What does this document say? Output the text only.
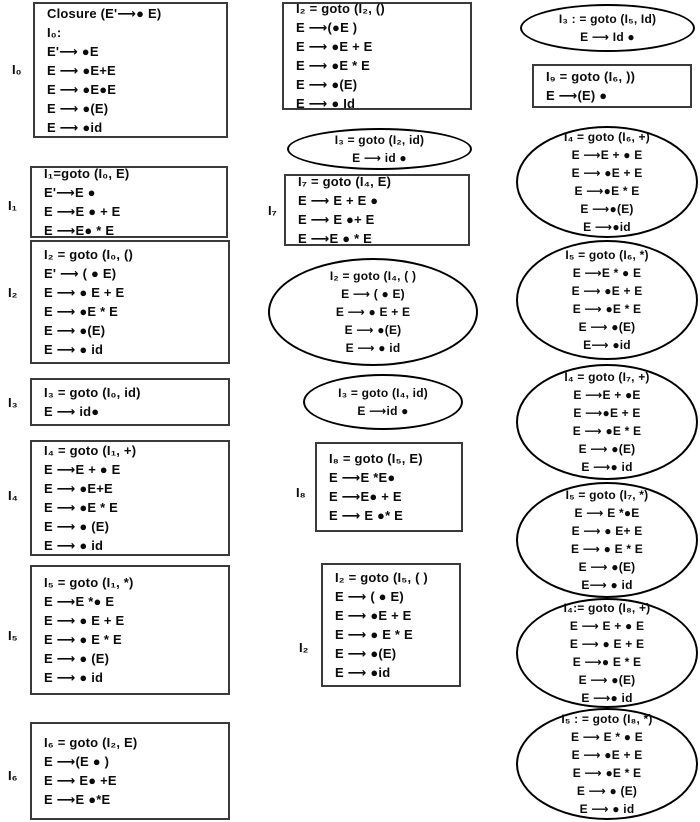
I₀
Closure (E'⟶● E)
I₀:
E'⟶ ●E
E ⟶ ●E+E
E ⟶ ●E●E
E ⟶ ●(E)
E ⟶ ●id
I₁
I₁=goto (I₀, E)
E'⟶E ●
E ⟶E ● + E
E ⟶E● * E
I₂
I₂ = goto (I₀, ()
E' ⟶ ( ● E)
E ⟶ ● E + E
E ⟶ ●E * E
E ⟶ ●(E)
E ⟶ ● id
I₃
I₃ = goto (I₀, id)
E ⟶ id●
I₄
I₄ = goto (I₁, +)
E ⟶E + ● E
E ⟶ ●E+E
E ⟶ ●E * E
E ⟶ ● (E)
E ⟶ ● id
I₅
I₅ = goto (I₁, *)
E ⟶E *● E
E ⟶ ● E + E
E ⟶ ● E * E
E ⟶ ● (E)
E ⟶ ● id
I₆
I₆ = goto (I₂, E)
E ⟶(E ● )
E ⟶ E● +E
E ⟶E ●*E
I₂ = goto (I₂, ()
E ⟶(●E )
E ⟶ ●E + E
E ⟶ ●E * E
E ⟶ ●(E)
E ⟶ ● Id
I₃ = goto (I₂, id)
E ⟶ id ●
I₇
I₇ = goto (I₄, E)
E ⟶ E + E ●
E ⟶ E ●+ E
E ⟶E ● * E
I₂ = goto (I₄, ( )
E ⟶ ( ● E)
E ⟶ ● E + E
E ⟶ ●(E)
E ⟶ ● id
I₃ = goto (I₄, id)
E ⟶id ●
I₈
I₈ = goto (I₅, E)
E ⟶E *E●
E ⟶E● + E
E ⟶ E ●* E
I₂
I₂ = goto (I₅, ( )
E ⟶ ( ● E)
E ⟶ ●E + E
E ⟶ ● E * E
E ⟶ ●(E)
E ⟶ ●id
I₃ : = goto (I₅, Id)
E ⟶ Id ●
I₉ = goto (I₆, ))
E ⟶(E) ●
I₄ = goto (I₆, +)
E ⟶E + ● E
E ⟶ ●E + E
E ⟶●E * E
E ⟶●(E)
E ⟶●id
I₅ = goto (I₆, *)
E ⟶E * ● E
E ⟶ ●E + E
E ⟶ ●E * E
E ⟶ ●(E)
E⟶ ●id
I₄ = goto (I₇, +)
E ⟶E + ●E
E ⟶●E + E
E ⟶ ●E * E
E ⟶ ●(E)
E ⟶● id
I₅ = goto (I₇, *)
E ⟶ E *●E
E ⟶ ● E+ E
E ⟶ ● E * E
E ⟶ ●(E)
E⟶ ● id
I₄:= goto (I₈, +)
E ⟶ E + ● E
E ⟶ ● E + E
E ⟶● E * E
E ⟶ ●(E)
E ⟶● id
I₅ : = goto (I₈, *)
E ⟶ E * ● E
E ⟶ ●E + E
E ⟶ ●E * E
E ⟶ ● (E)
E ⟶ ● id
